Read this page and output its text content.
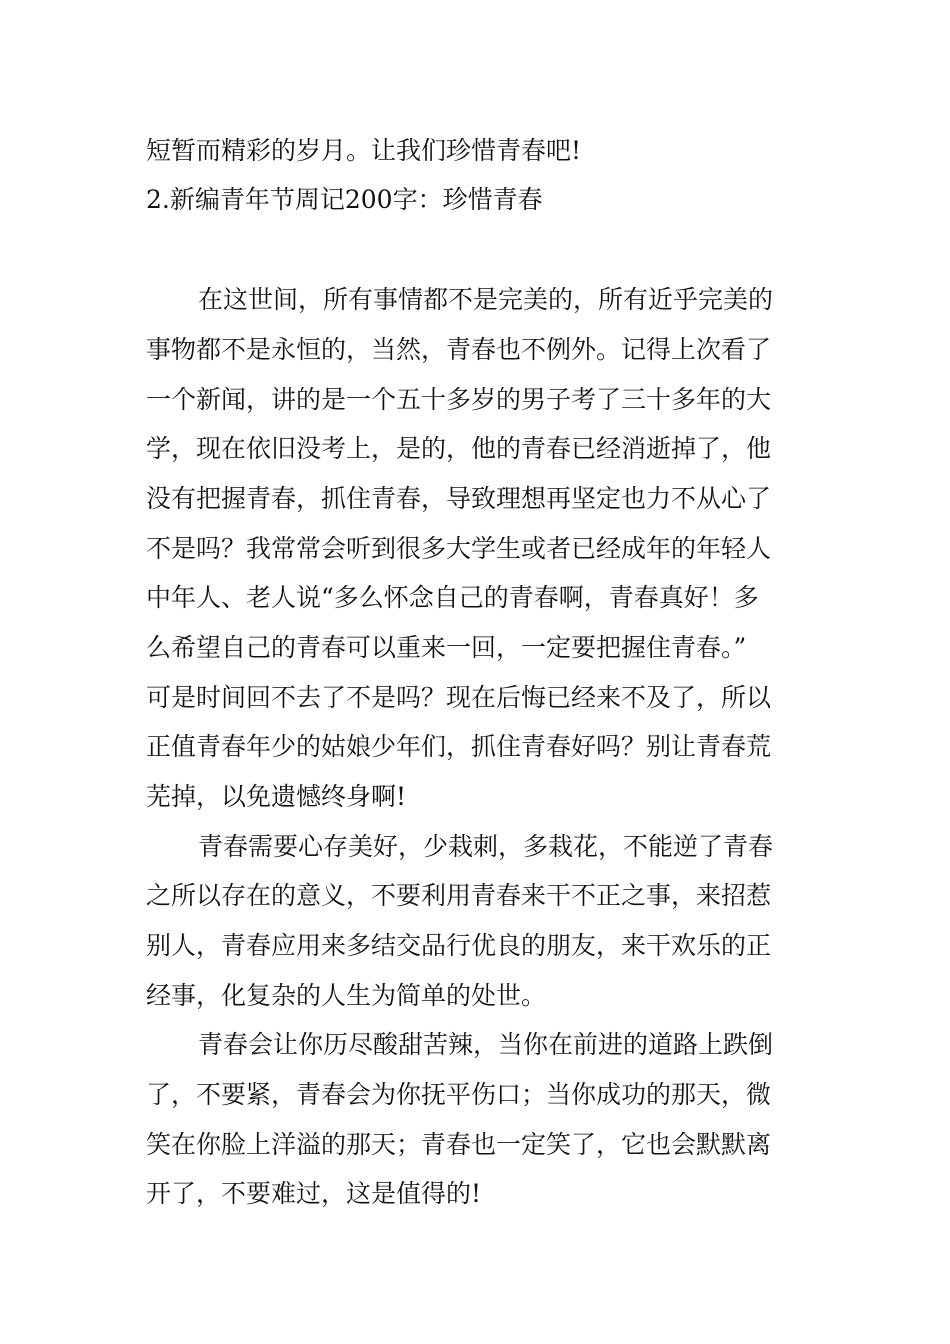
短暂而精彩的岁月。让我们珍惜青春吧!
2.新编青年节周记200字：珍惜青春
在这世间，所有事情都不是完美的，所有近乎完美的
事物都不是永恒的，当然，青春也不例外。记得上次看了
一个新闻，讲的是一个五十多岁的男子考了三十多年的大
学，现在依旧没考上，是的，他的青春已经消逝掉了，他
没有把握青春，抓住青春，导致理想再坚定也力不从心了
不是吗？我常常会听到很多大学生或者已经成年的年轻人
中年人、老人说“多么怀念自己的青春啊，青春真好！多
么希望自己的青春可以重来一回，一定要把握住青春。”
可是时间回不去了不是吗？现在后悔已经来不及了，所以
正值青春年少的姑娘少年们，抓住青春好吗？别让青春荒
芜掉，以免遗憾终身啊!
青春需要心存美好，少栽刺，多栽花，不能逆了青春
之所以存在的意义，不要利用青春来干不正之事，来招惹
别人，青春应用来多结交品行优良的朋友，来干欢乐的正
经事，化复杂的人生为简单的处世。
青春会让你历尽酸甜苦辣，当你在前进的道路上跌倒
了，不要紧，青春会为你抚平伤口；当你成功的那天，微
笑在你脸上洋溢的那天；青春也一定笑了，它也会默默离
开了，不要难过，这是值得的!
